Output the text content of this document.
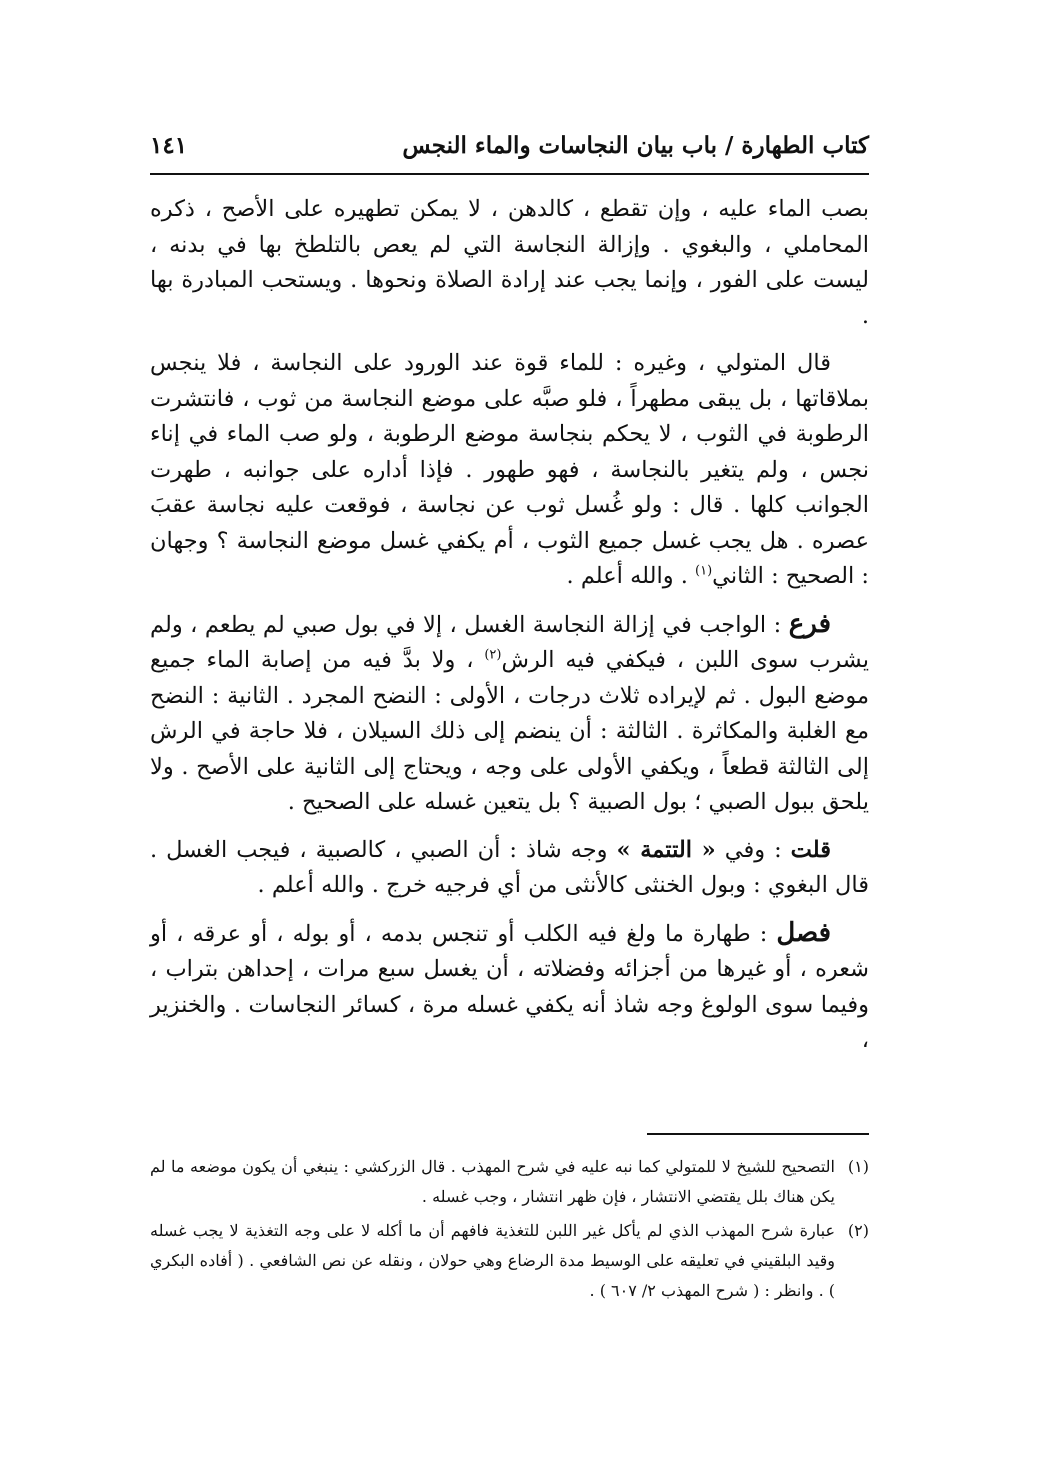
كتاب الطهارة / باب بيان النجاسات والماء النجس
١٤١

بصب الماء عليه ، وإن تقطع ، كالدهن ، لا يمكن تطهيره على الأصح ، ذكره المحاملي ، والبغوي . وإزالة النجاسة التي لم يعص بالتلطخ بها في بدنه ، ليست على الفور ، وإنما يجب عند إرادة الصلاة ونحوها . ويستحب المبادرة بها .

قال المتولي ، وغيره : للماء قوة عند الورود على النجاسة ، فلا ينجس بملاقاتها ، بل يبقى مطهراً ، فلو صبَّه على موضع النجاسة من ثوب ، فانتشرت الرطوبة في الثوب ، لا يحكم بنجاسة موضع الرطوبة ، ولو صب الماء في إناء نجس ، ولم يتغير بالنجاسة ، فهو طهور . فإذا أداره على جوانبه ، طهرت الجوانب كلها . قال : ولو غُسل ثوب عن نجاسة ، فوقعت عليه نجاسة عقبَ عصره . هل يجب غسل جميع الثوب ، أم يكفي غسل موضع النجاسة ؟ وجهان : الصحيح : الثاني$^{(١)}$ . والله أعلم .

فرع : الواجب في إزالة النجاسة الغسل ، إلا في بول صبي لم يطعم ، ولم يشرب سوى اللبن ، فيكفي فيه الرش$^{(٢)}$ ، ولا بدَّ فيه من إصابة الماء جميع موضع البول . ثم لإيراده ثلاث درجات ، الأولى : النضح المجرد . الثانية : النضح مع الغلبة والمكاثرة . الثالثة : أن ينضم إلى ذلك السيلان ، فلا حاجة في الرش إلى الثالثة قطعاً ، ويكفي الأولى على وجه ، ويحتاج إلى الثانية على الأصح . ولا يلحق ببول الصبي ؛ بول الصبية ؟ بل يتعين غسله على الصحيح .

قلت : وفي « التتمة » وجه شاذ : أن الصبي ، كالصبية ، فيجب الغسل . قال البغوي : وبول الخنثى كالأنثى من أي فرجيه خرج . والله أعلم .

فصل : طهارة ما ولغ فيه الكلب أو تنجس بدمه ، أو بوله ، أو عرقه ، أو شعره ، أو غيرها من أجزائه وفضلاته ، أن يغسل سبع مرات ، إحداهن بتراب ، وفيما سوى الولوغ وجه شاذ أنه يكفي غسله مرة ، كسائر النجاسات . والخنزير ،

(١)
التصحيح للشيخ لا للمتولي كما نبه عليه في شرح المهذب . قال الزركشي : ينبغي أن يكون موضعه ما لم يكن هناك بلل يقتضي الانتشار ، فإن ظهر انتشار ، وجب غسله .
(٢)
عبارة شرح المهذب الذي لم يأكل غير اللبن للتغذية فافهم أن ما أكله لا على وجه التغذية لا يجب غسله وقيد البلقيني في تعليقه على الوسيط مدة الرضاع وهي حولان ، ونقله عن نص الشافعي . ( أفاده البكري ) . وانظر : ( شرح المهذب ٢/ ٦٠٧ ) .
